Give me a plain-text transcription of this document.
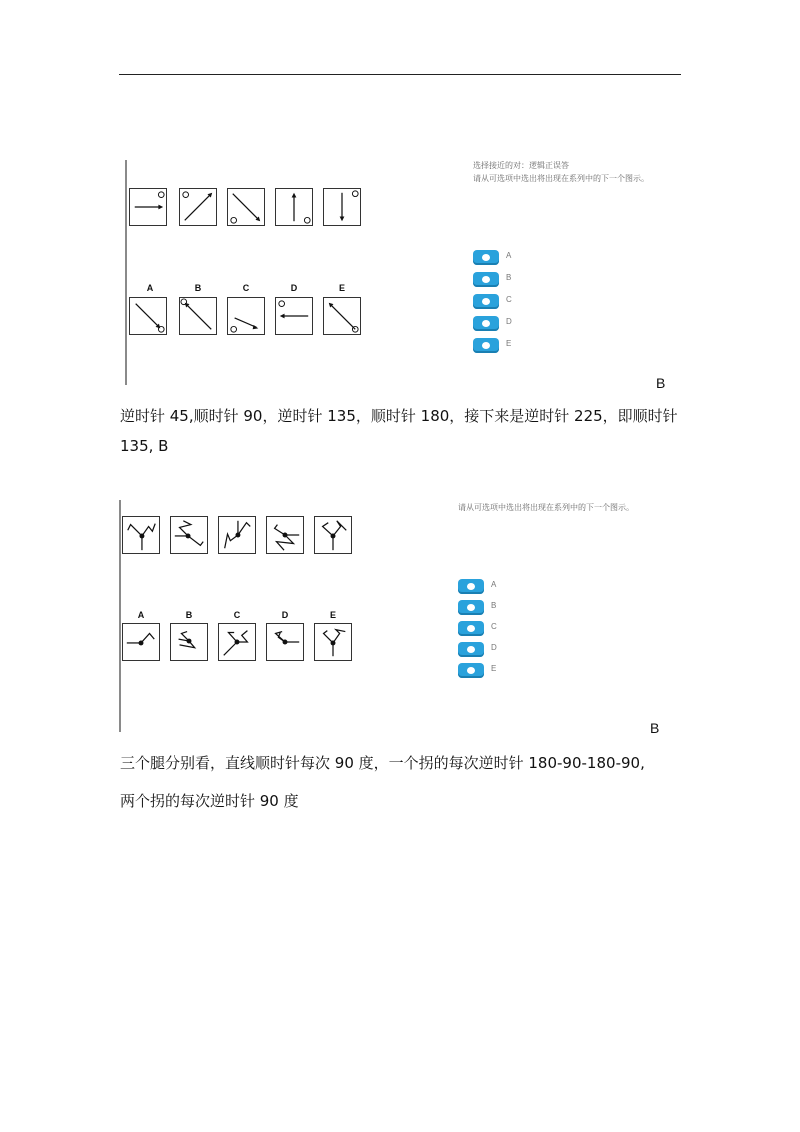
A	B	C	D	E
选择接近的对：逻辑正误答
请从可选项中选出将出现在系列中的下一个图示。
A
B
C
D
E
B
逆时针 45,顺时针 90，逆时针 135，顺时针 180，接下来是逆时针 225，即顺时针 135, B
A	B	C	D	E
请从可选项中选出将出现在系列中的下一个图示。
A
B
C
D
E
B
三个腿分别看，直线顺时针每次 90 度，一个拐的每次逆时针 180-90-180-90,
两个拐的每次逆时针 90 度
